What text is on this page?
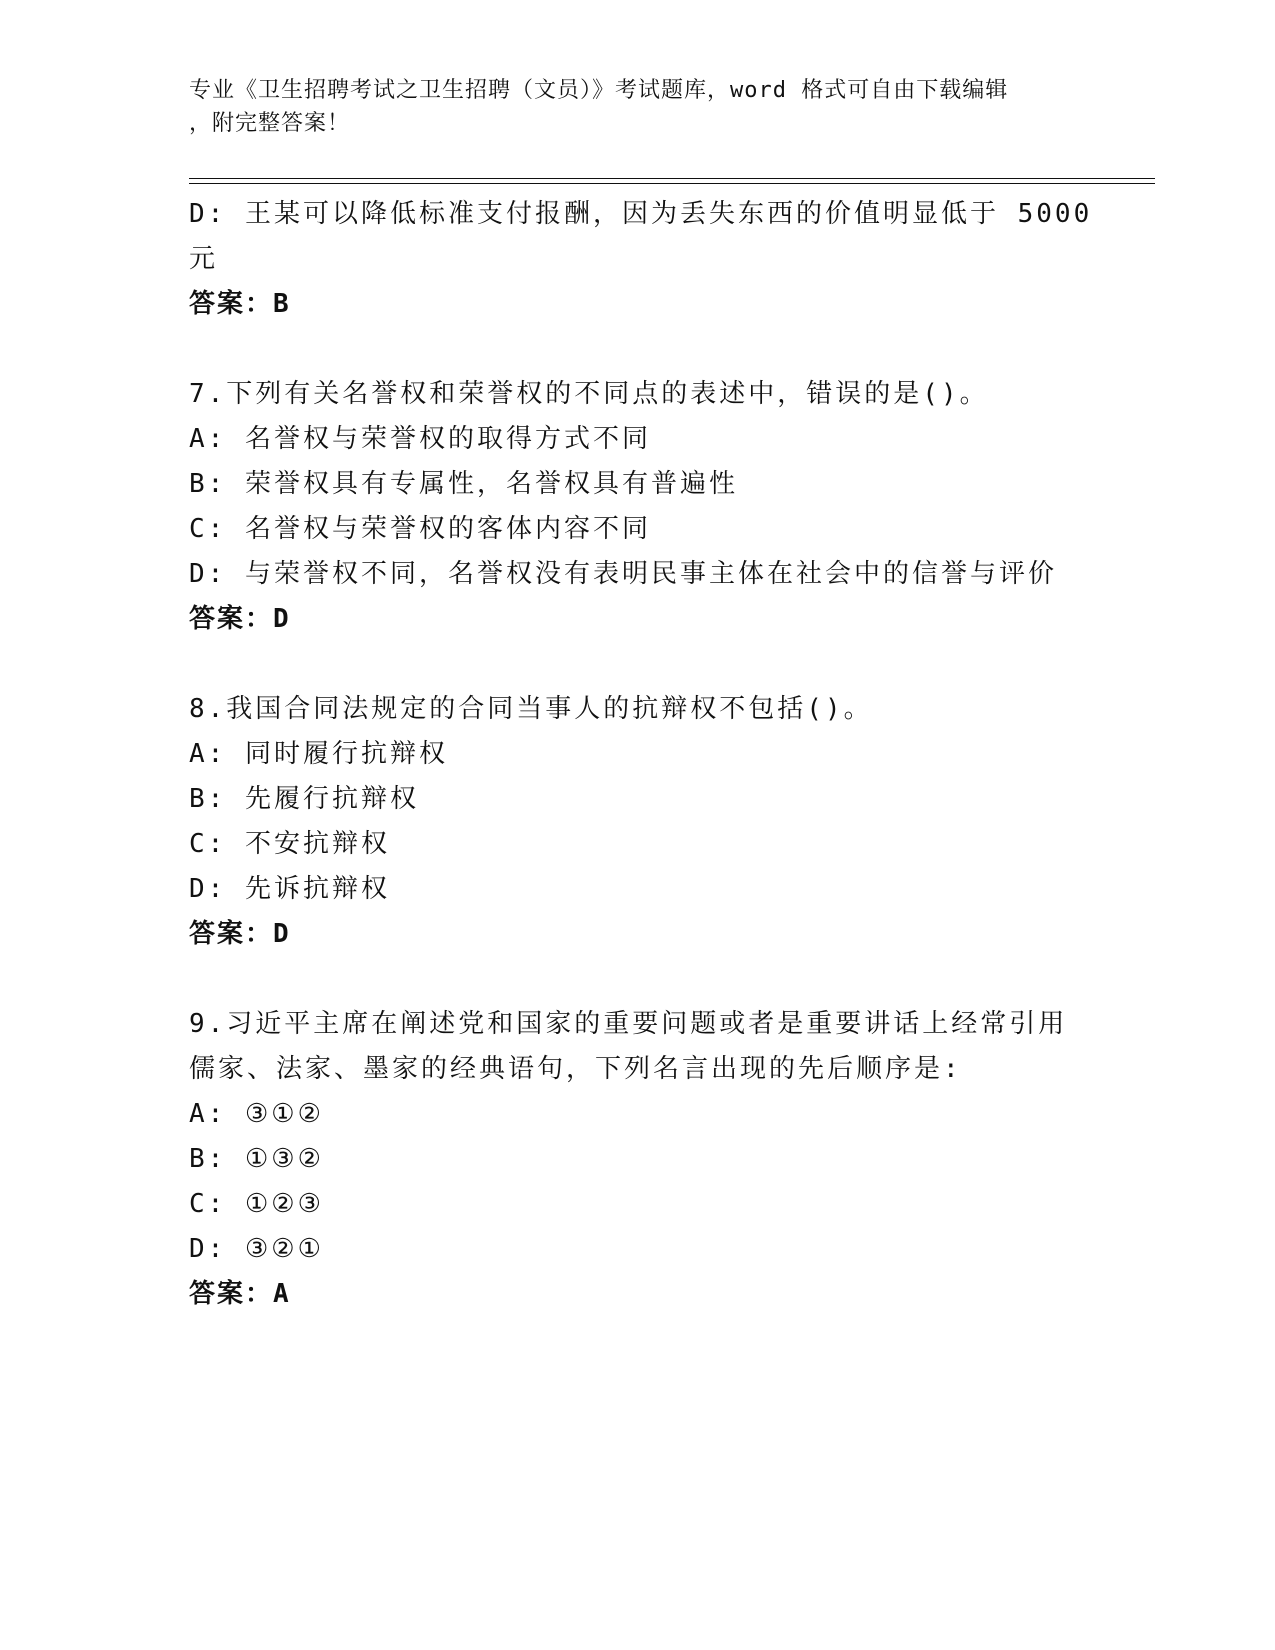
专业《卫生招聘考试之卫生招聘（文员）》考试题库，word 格式可自由下载编辑
，附完整答案！
D: 王某可以降低标准支付报酬，因为丢失东西的价值明显低于 5000
元
答案：B
7.下列有关名誉权和荣誉权的不同点的表述中，错误的是()。
A: 名誉权与荣誉权的取得方式不同
B: 荣誉权具有专属性，名誉权具有普遍性
C: 名誉权与荣誉权的客体内容不同
D: 与荣誉权不同，名誉权没有表明民事主体在社会中的信誉与评价
答案：D
8.我国合同法规定的合同当事人的抗辩权不包括()。
A: 同时履行抗辩权
B: 先履行抗辩权
C: 不安抗辩权
D: 先诉抗辩权
答案：D
9.习近平主席在阐述党和国家的重要问题或者是重要讲话上经常引用
儒家、法家、墨家的经典语句，下列名言出现的先后顺序是:
A: ③①②
B: ①③②
C: ①②③
D: ③②①
答案：A
